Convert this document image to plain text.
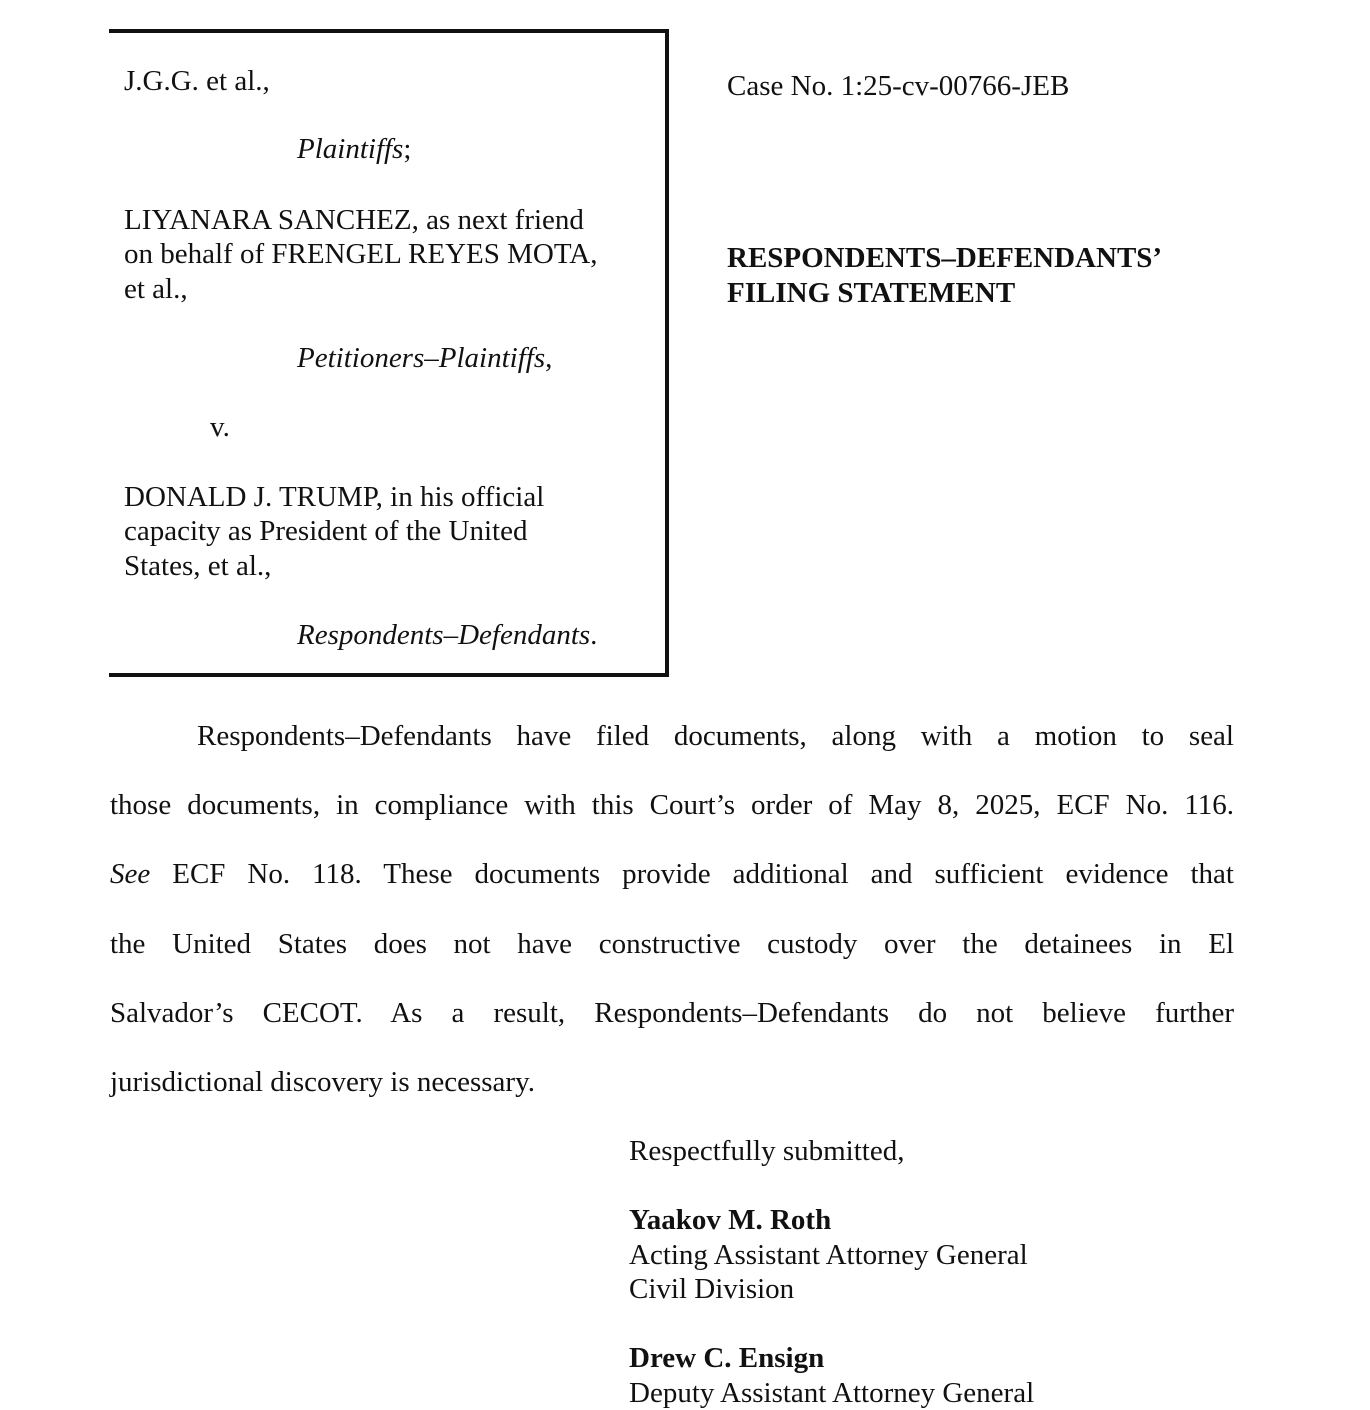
J.G.G. et al.,
Plaintiffs;
LIYANARA SANCHEZ, as next friend
on behalf of FRENGEL REYES MOTA,
et al.,
Petitioners–Plaintiffs,
v.
DONALD J. TRUMP, in his official
capacity as President of the United
States, et al.,
Respondents–Defendants.
Case No. 1:25-cv-00766-JEB
RESPONDENTS–DEFENDANTS’
FILING STATEMENT
Respondents–Defendants have filed documents, along with a motion to seal
those documents, in compliance with this Court’s order of May 8, 2025, ECF No. 116.
See ECF No. 118. These documents provide additional and sufficient evidence that
the United States does not have constructive custody over the detainees in El
Salvador’s CECOT. As a result, Respondents–Defendants do not believe further
jurisdictional discovery is necessary.
Respectfully submitted,
Yaakov M. Roth
Acting Assistant Attorney General
Civil Division
Drew C. Ensign
Deputy Assistant Attorney General
